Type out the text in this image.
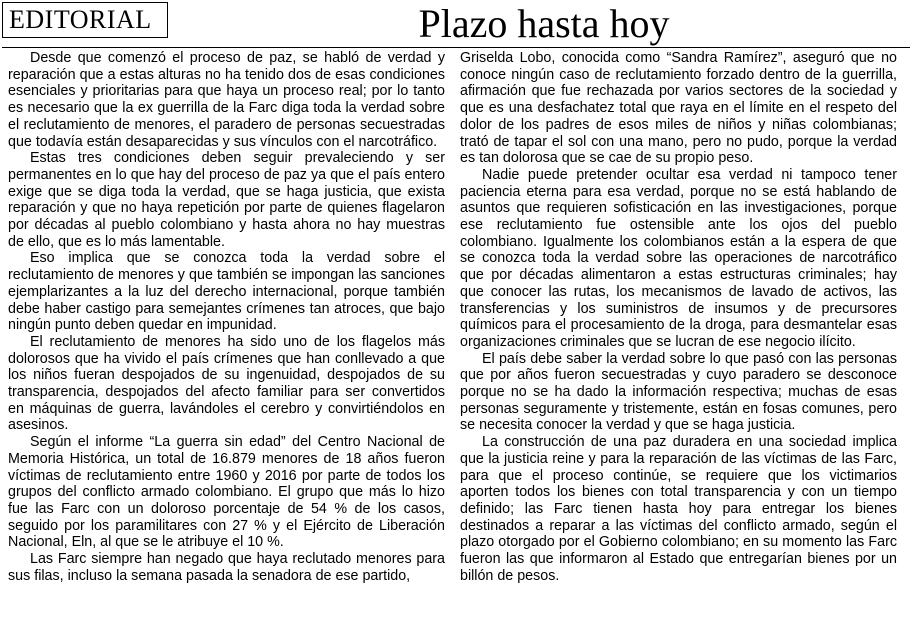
EDITORIAL	Plazo hasta hoy

Desde que comenzó el proceso de paz, se habló de verdad y reparación que a estas alturas no ha tenido dos de esas condiciones esenciales y prioritarias para que haya un proceso real; por lo tanto es necesario que la ex guerrilla de la Farc diga toda la verdad sobre el reclutamiento de menores, el paradero de personas secuestradas que todavía están desaparecidas y sus vínculos con el narcotráfico.

Estas tres condiciones deben seguir prevaleciendo y ser permanentes en lo que hay del proceso de paz ya que el país entero exige que se diga toda la verdad, que se haga justicia, que exista reparación y que no haya repetición por parte de quienes flagelaron por décadas al pueblo colombiano y hasta ahora no hay muestras de ello, que es lo más lamentable.

Eso implica que se conozca toda la verdad sobre el reclutamiento de menores y que también se impongan las sanciones ejemplarizantes a la luz del derecho internacional, porque también debe haber castigo para semejantes crímenes tan atroces, que bajo ningún punto deben quedar en impunidad.

El reclutamiento de menores ha sido uno de los flagelos más dolorosos que ha vivido el país crímenes que han conllevado a que los niños fueran despojados de su ingenuidad, despojados de su transparencia, despojados del afecto familiar para ser convertidos en máquinas de guerra, lavándoles el cerebro y convirtiéndolos en asesinos.

Según el informe “La guerra sin edad” del Centro Nacional de Memoria Histórica, un total de 16.879 menores de 18 años fueron víctimas de reclutamiento entre 1960 y 2016 por parte de todos los grupos del conflicto armado colombiano. El grupo que más lo hizo fue las Farc con un doloroso porcentaje de 54 % de los casos, seguido por los paramilitares con 27 % y el Ejército de Liberación Nacional, Eln, al que se le atribuye el 10 %.

Las Farc siempre han negado que haya reclutado menores para sus filas, incluso la semana pasada la senadora de ese partido,

Griselda Lobo, conocida como “Sandra Ramírez”, aseguró que no conoce ningún caso de reclutamiento forzado dentro de la guerrilla, afirmación que fue rechazada por varios sectores de la sociedad y que es una desfachatez total que raya en el límite en el respeto del dolor de los padres de esos miles de niños y niñas colombianas; trató de tapar el sol con una mano, pero no pudo, porque la verdad es tan dolorosa que se cae de su propio peso.

Nadie puede pretender ocultar esa verdad ni tampoco tener paciencia eterna para esa verdad, porque no se está hablando de asuntos que requieren sofisticación en las investigaciones, porque ese reclutamiento fue ostensible ante los ojos del pueblo colombiano. Igualmente los colombianos están a la espera de que se conozca toda la verdad sobre las operaciones de narcotráfico que por décadas alimentaron a estas estructuras criminales; hay que conocer las rutas, los mecanismos de lavado de activos, las transferencias y los suministros de insumos y de precursores químicos para el procesamiento de la droga, para desmantelar esas organizaciones criminales que se lucran de ese negocio ilícito.

El país debe saber la verdad sobre lo que pasó con las personas que por años fueron secuestradas y cuyo paradero se desconoce porque no se ha dado la información respectiva; muchas de esas personas seguramente y tristemente, están en fosas comunes, pero se necesita conocer la verdad y que se haga justicia.

La construcción de una paz duradera en una sociedad implica que la justicia reine y para la reparación de las víctimas de las Farc, para que el proceso continúe, se requiere que los victimarios aporten todos los bienes con total transparencia y con un tiempo definido; las Farc tienen hasta hoy para entregar los bienes destinados a reparar a las víctimas del conflicto armado, según el plazo otorgado por el Gobierno colombiano; en su momento las Farc fueron las que informaron al Estado que entregarían bienes por un billón de pesos.
